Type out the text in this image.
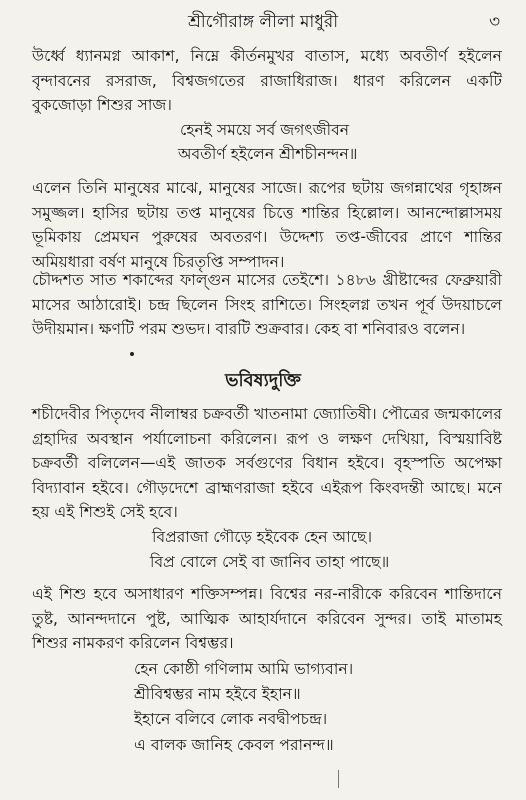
শ্রীগৌরাঙ্গ লীলা মাধুরী	৩

উর্ধ্বে ধ্যানমগ্ন আকাশ, নিম্নে কীর্তনমুখর বাতাস, মধ্যে অবতীর্ণ হইলেন বৃন্দাবনের রসরাজ, বিশ্বজগতের রাজাধিরাজ। ধারণ করিলেন একটি বুকজোড়া শিশুর সাজ।

হেনই সময়ে সর্ব জগৎজীবন
অবতীর্ণ হইলেন শ্রীশচীনন্দন॥

এলেন তিনি মানুষের মাঝে, মানুষের সাজে। রূপের ছটায় জগন্নাথের গৃহাঙ্গন সমুজ্জল। হাসির ছটায় তপ্ত মানুষের চিত্তে শান্তির হিল্লোল। আনন্দোল্লাসময় ভূমিকায় প্রেমঘন পুরুষের অবতরণ। উদ্দেশ্য তপ্ত-জীবের প্রাণে শান্তির অমিয়ধারা বর্ষণ মানুষে চিরতৃপ্তি সম্পাদন।

চৌদ্দশত সাত শকাব্দের ফাল্গুন মাসের তেইশে। ১৪৮৬ খ্রীষ্টাব্দের ফেব্রুয়ারী মাসের আঠারোই। চন্দ্র ছিলেন সিংহ রাশিতে। সিংহলগ্ন তখন পূর্ব উদয়াচলে উদীয়মান। ক্ষণটি পরম শুভদ। বারটি শুক্রবার। কেহ বা শনিবারও বলেন।

ভবিষ্যদুক্তি

শচীদেবীর পিতৃদেব নীলাম্বর চক্রবর্তী খাতনামা জ্যোতিষী। পৌত্রের জন্মকালের গ্রহাদির অবস্থান পর্যালোচনা করিলেন। রূপ ও লক্ষণ দেখিয়া, বিস্ময়াবিষ্ট চক্রবর্তী বলিলেন—এই জাতক সর্বগুণের বিধান হইবে। বৃহস্পতি অপেক্ষা বিদ্যাবান হইবে। গৌড়দেশে ব্রাহ্মণরাজা হইবে এইরূপ কিংবদন্তী আছে। মনে হয় এই শিশুই সেই হবে।

বিপ্ররাজা গৌড়ে হইবেক হেন আছে।
বিপ্র বোলে সেই বা জানিব তাহা পাছে॥

এই শিশু হবে অসাধারণ শক্তিসম্পন্ন। বিশ্বের নর-নারীকে করিবেন শান্তিদানে তুষ্ট, আনন্দদানে পুষ্ট, আত্মিক আহার্যদানে করিবেন সুন্দর। তাই মাতামহ শিশুর নামকরণ করিলেন বিশ্বম্ভর।

হেন কোষ্ঠী গণিলাম আমি ভাগ্যবান।
শ্রীবিশ্বম্ভর নাম হইবে ইহান॥
ইহানে বলিবে লোক নবদ্বীপচন্দ্র।
এ বালক জানিহ কেবল পরানন্দ॥
